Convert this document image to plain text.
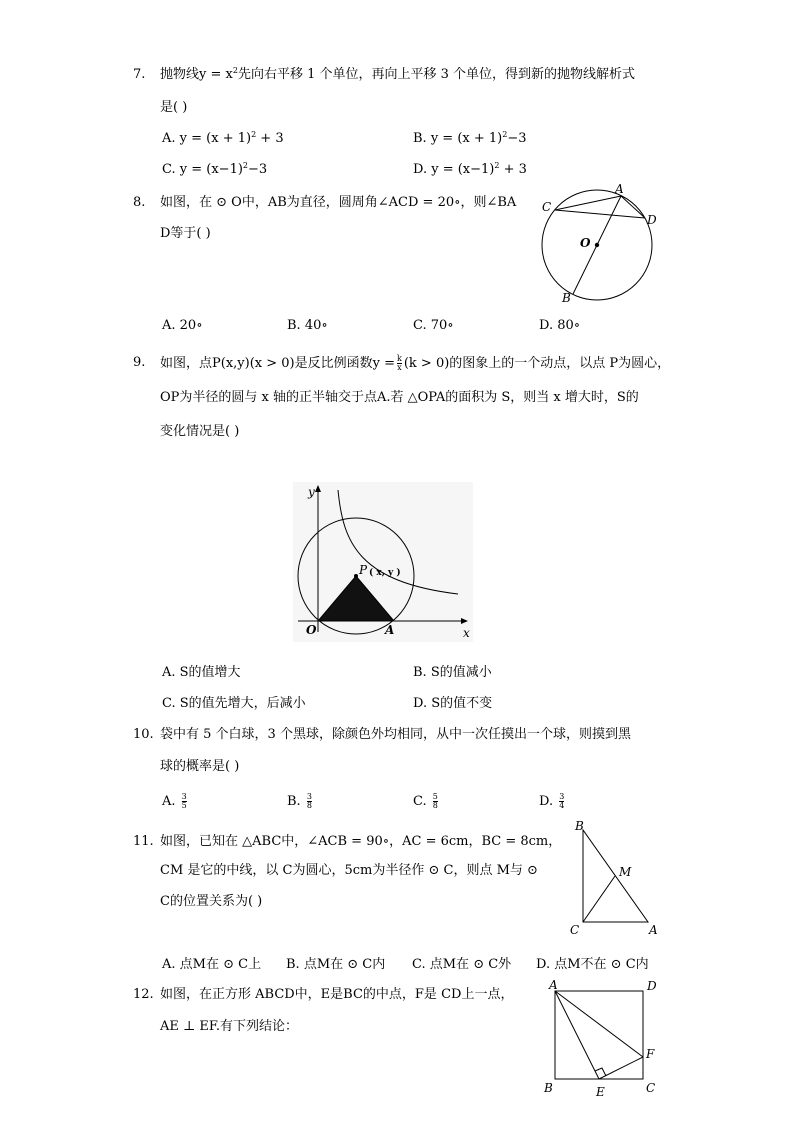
7. 抛物线$y = x^2$先向右平移 1 个单位，再向上平移 3 个单位，得到新的抛物线解析式
是( )
A. $y = (x + 1)^2 + 3$	B. $y = (x + 1)^2-3$
C. $y = (x-1)^2-3$	D. $y = (x-1)^2 + 3$
8. 如图，在 ⊙ O中，AB为直径，圆周角∠ACD = 20∘，则∠BA
D等于( )
A
C
D
O
B
A. 20∘	B. 40∘	C. 70∘	D. 80∘
9. 如图，点P(x,y)(x > 0)是反比例函数$y = \frac{k}{x} (k > 0)$的图象上的一个动点，以点 P为圆心，
OP为半径的圆与 x 轴的正半轴交于点A.若 △OPA的面积为 S，则当 x 增大时，S的
变化情况是( )
y
x
O	A
P ( x, y )
A. S的值增大	B. S的值减小
C. S的值先增大，后减小	D. S的值不变
10. 袋中有 5 个白球，3 个黑球，除颜色外均相同，从中一次任摸出一个球，则摸到黑
球的概率是( )
A. $\frac{3}{5}$	B. $\frac{3}{8}$	C. $\frac{5}{8}$	D. $\frac{3}{4}$
11. 如图，已知在 △ABC中，∠ACB = 90∘，AC = 6cm，BC = 8cm，
CM 是它的中线，以 C为圆心，5cm为半径作 ⊙ C，则点 M与 ⊙
C的位置关系为( )
B
M
C	A
A. 点M在 ⊙ C上 B. 点M在 ⊙ C内 C. 点M在 ⊙ C外 D. 点M不在 ⊙ C内
12. 如图，在正方形 ABCD中，E是BC的中点，F是 CD上一点，
AE ⊥ EF.有下列结论：
A	D
F
B	E	C
